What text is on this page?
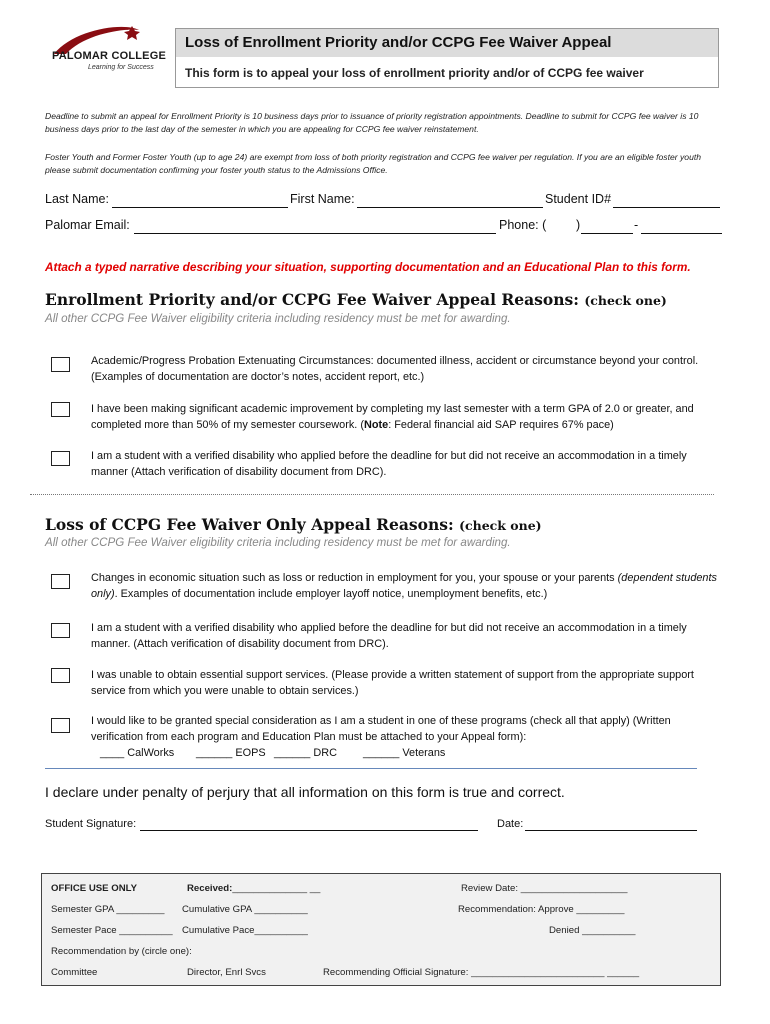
PALOMAR COLLEGE
Learning for Success
Loss of Enrollment Priority and/or CCPG Fee Waiver Appeal
This form is to appeal your loss of enrollment priority and/or of CCPG fee waiver
Deadline to submit an appeal for Enrollment Priority is 10 business days prior to issuance of priority registration appointments. Deadline to submit for CCPG fee waiver is 10 business days prior to the last day of the semester in which you are appealing for CCPG fee waiver reinstatement.
Foster Youth and Former Foster Youth (up to age 24) are exempt from loss of both priority registration and CCPG fee waiver per regulation. If you are an eligible foster youth please submit documentation confirming your foster youth status to the Admissions Office.
Last Name:	First Name:	Student ID#
Palomar Email:	Phone: ( )	-
Attach a typed narrative describing your situation, supporting documentation and an Educational Plan to this form.
Enrollment Priority and/or CCPG Fee Waiver Appeal Reasons: (check one)
All other CCPG Fee Waiver eligibility criteria including residency must be met for awarding.
Academic/Progress Probation Extenuating Circumstances: documented illness, accident or circumstance beyond your control. (Examples of documentation are doctor’s notes, accident report, etc.)
I have been making significant academic improvement by completing my last semester with a term GPA of 2.0 or greater, and completed more than 50% of my semester coursework. (Note: Federal financial aid SAP requires 67% pace)
I am a student with a verified disability who applied before the deadline for but did not receive an accommodation in a timely manner (Attach verification of disability document from DRC).
Loss of CCPG Fee Waiver Only Appeal Reasons: (check one)
All other CCPG Fee Waiver eligibility criteria including residency must be met for awarding.
Changes in economic situation such as loss or reduction in employment for you, your spouse or your parents (dependent students only). Examples of documentation include employer layoff notice, unemployment benefits, etc.)
I am a student with a verified disability who applied before the deadline for but did not receive an accommodation in a timely manner. (Attach verification of disability document from DRC).
I was unable to obtain essential support services. (Please provide a written statement of support from the appropriate support service from which you were unable to obtain services.)
I would like to be granted special consideration as I am a student in one of these programs (check all that apply) (Written verification from each program and Education Plan must be attached to your Appeal form):
____ CalWorks ______ EOPS ______ DRC ______ Veterans
I declare under penalty of perjury that all information on this form is true and correct.
Student Signature:	Date:
OFFICE USE ONLY	Received:______________ __	Review Date: ____________________
Semester GPA _________ Cumulative GPA __________	Recommendation: Approve _________
Semester Pace __________ Cumulative Pace__________	Denied __________
Recommendation by (circle one):
Committee	Director, Enrl Svcs	Recommending Official Signature: _________________________ ______
